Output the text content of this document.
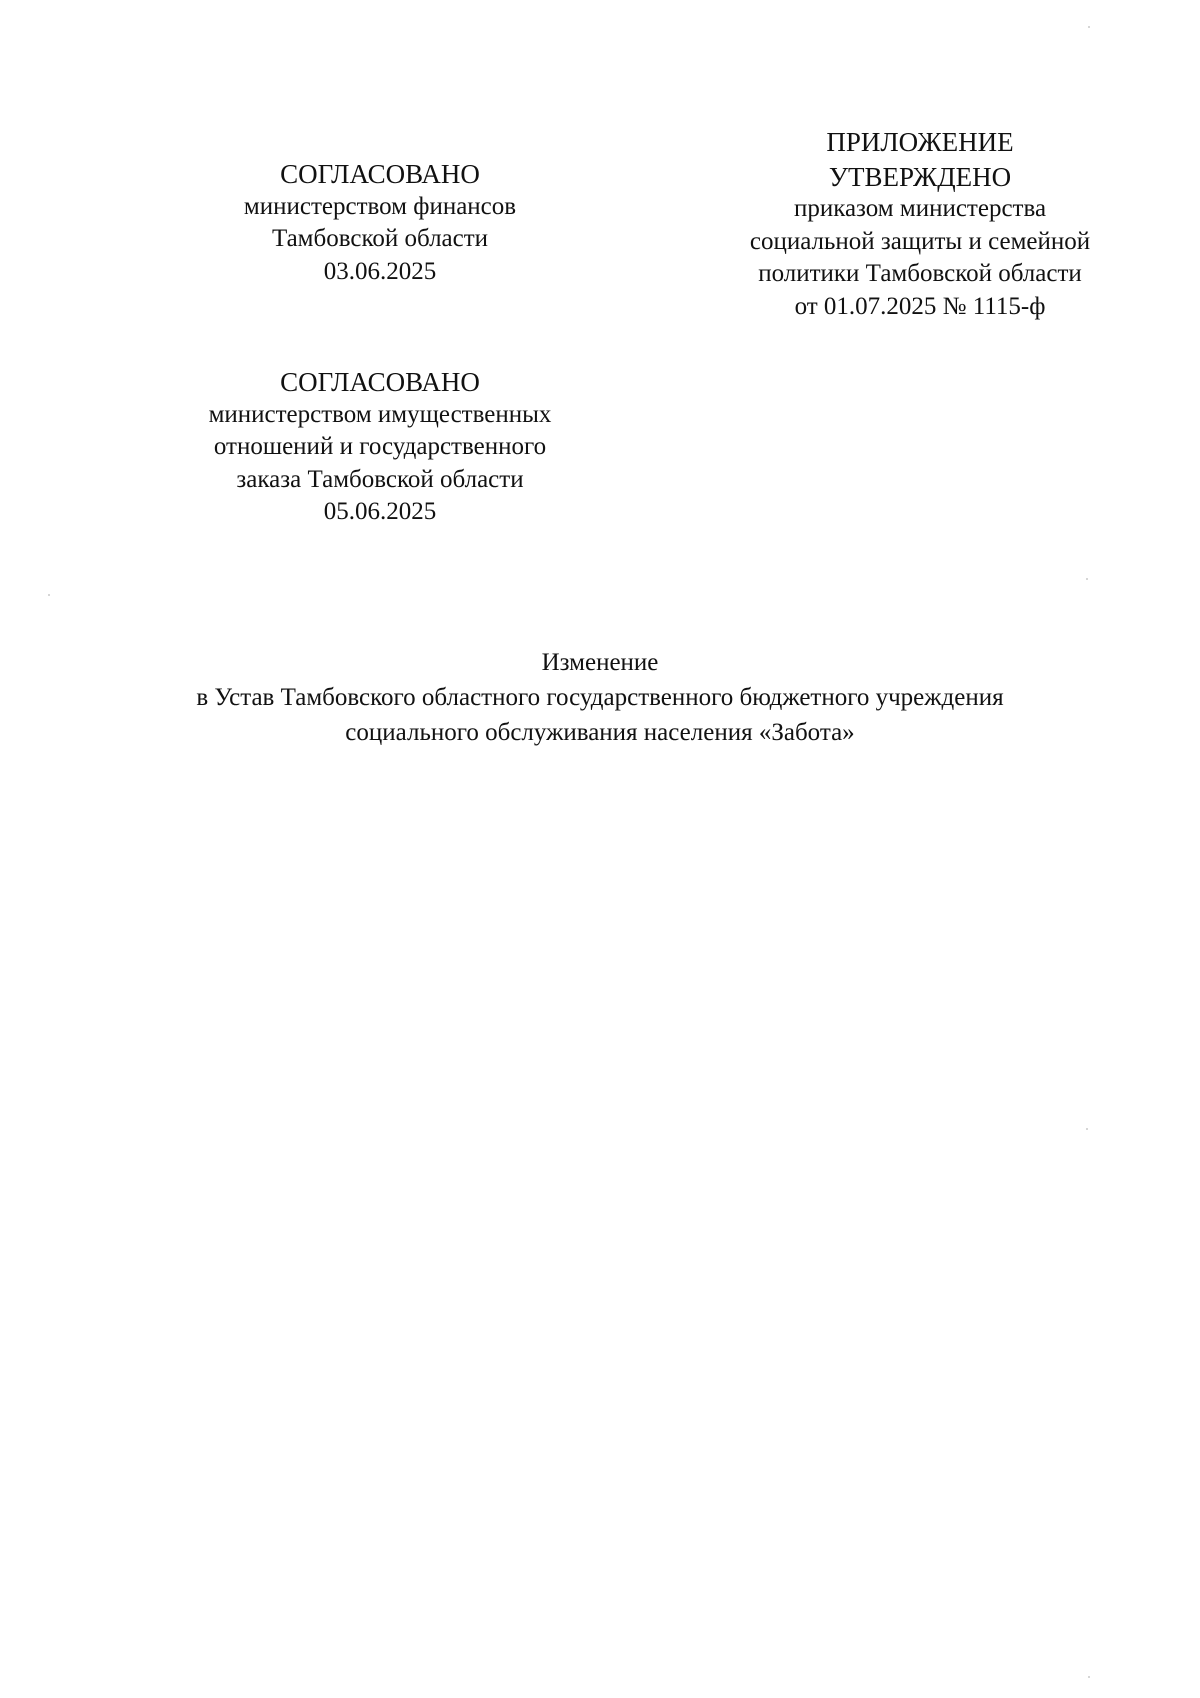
СОГЛАСОВАНО
министерством финансов
Тамбовской области
03.06.2025
СОГЛАСОВАНО
министерством имущественных
отношений и государственного
заказа Тамбовской области
05.06.2025
ПРИЛОЖЕНИЕ
УТВЕРЖДЕНО
приказом министерства
социальной защиты и семейной
политики Тамбовской области
от 01.07.2025 № 1115-ф
Изменение
в Устав Тамбовского областного государственного бюджетного учреждения
социального обслуживания населения «Забота»
